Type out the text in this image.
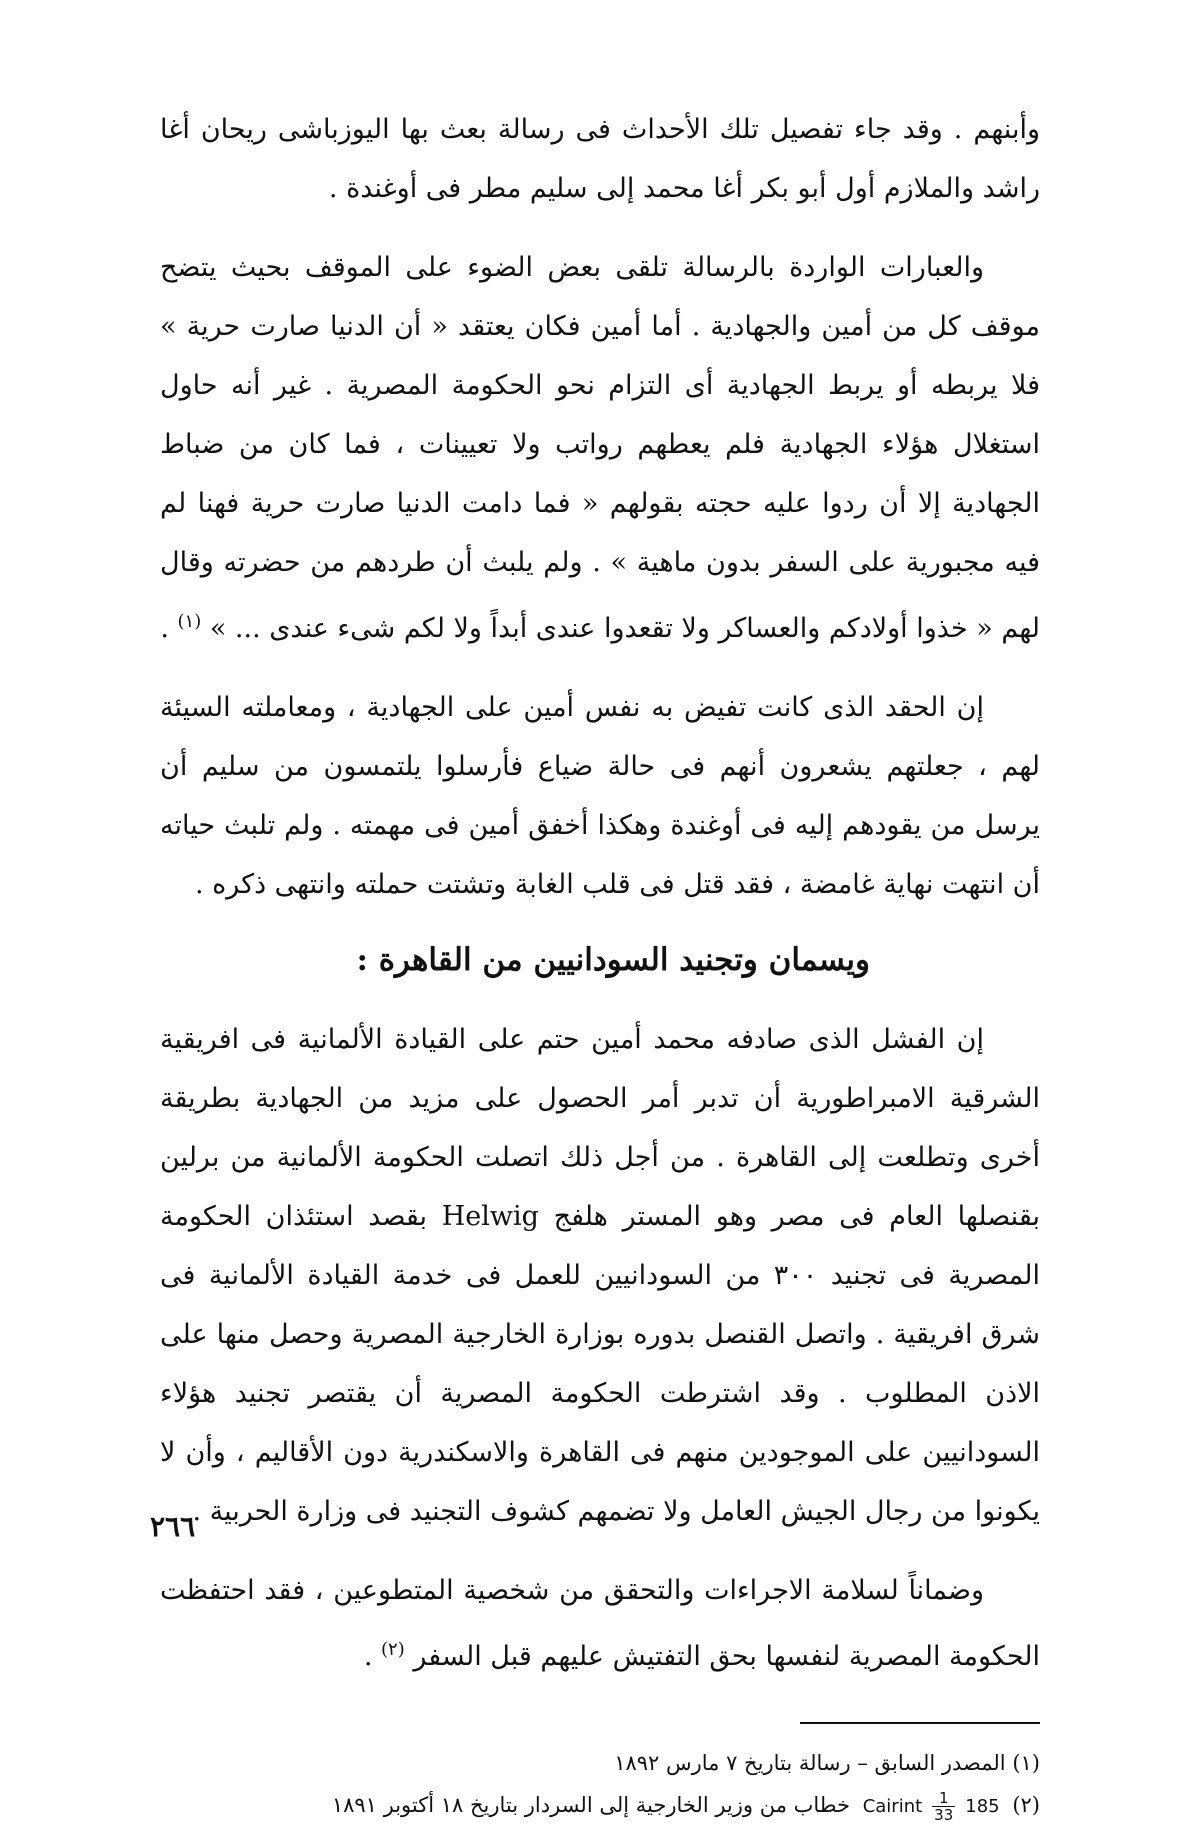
وأبنهم . وقد جاء تفصيل تلك الأحداث فى رسالة بعث بها اليوزباشى ريحان أغا راشد والملازم أول أبو بكر أغا محمد إلى سليم مطر فى أوغندة .

والعبارات الواردة بالرسالة تلقى بعض الضوء على الموقف بحيث يتضح موقف كل من أمين والجهادية . أما أمين فكان يعتقد « أن الدنيا صارت حرية » فلا يربطه أو يربط الجهادية أى التزام نحو الحكومة المصرية . غير أنه حاول استغلال هؤلاء الجهادية فلم يعطهم رواتب ولا تعيينات ، فما كان من ضباط الجهادية إلا أن ردوا عليه حجته بقولهم « فما دامت الدنيا صارت حرية فهنا لم فيه مجبورية على السفر بدون ماهية » . ولم يلبث أن طردهم من حضرته وقال لهم « خذوا أولادكم والعساكر ولا تقعدوا عندى أبداً ولا لكم شىء عندى ... » $^{(١)}$ .

إن الحقد الذى كانت تفيض به نفس أمين على الجهادية ، ومعاملته السيئة لهم ، جعلتهم يشعرون أنهم فى حالة ضياع فأرسلوا يلتمسون من سليم أن يرسل من يقودهم إليه فى أوغندة وهكذا أخفق أمين فى مهمته . ولم تلبث حياته أن انتهت نهاية غامضة ، فقد قتل فى قلب الغابة وتشتت حملته وانتهى ذكره .

ويسمان وتجنيد السودانيين من القاهرة :

إن الفشل الذى صادفه محمد أمين حتم على القيادة الألمانية فى افريقية الشرقية الامبراطورية أن تدبر أمر الحصول على مزيد من الجهادية بطريقة أخرى وتطلعت إلى القاهرة . من أجل ذلك اتصلت الحكومة الألمانية من برلين بقنصلها العام فى مصر وهو المستر هلفج Helwig بقصد استئذان الحكومة المصرية فى تجنيد ٣٠٠ من السودانيين للعمل فى خدمة القيادة الألمانية فى شرق افريقية . واتصل القنصل بدوره بوزارة الخارجية المصرية وحصل منها على الاذن المطلوب . وقد اشترطت الحكومة المصرية أن يقتصر تجنيد هؤلاء السودانيين على الموجودين منهم فى القاهرة والاسكندرية دون الأقاليم ، وأن لا يكونوا من رجال الجيش العامل ولا تضمهم كشوف التجنيد فى وزارة الحربية .

وضماناً لسلامة الاجراءات والتحقق من شخصية المتطوعين ، فقد احتفظت الحكومة المصرية لنفسها بحق التفتيش عليهم قبل السفر $^{(٢)}$ .

(١) المصدر السابق – رسالة بتاريخ ٧ مارس ١٨٩٢

(٢) 185
$\frac{1}{33}$
Cairint خطاب من وزير الخارجية إلى السردار بتاريخ ١٨ أكتوبر ١٨٩١

٢٦٦
